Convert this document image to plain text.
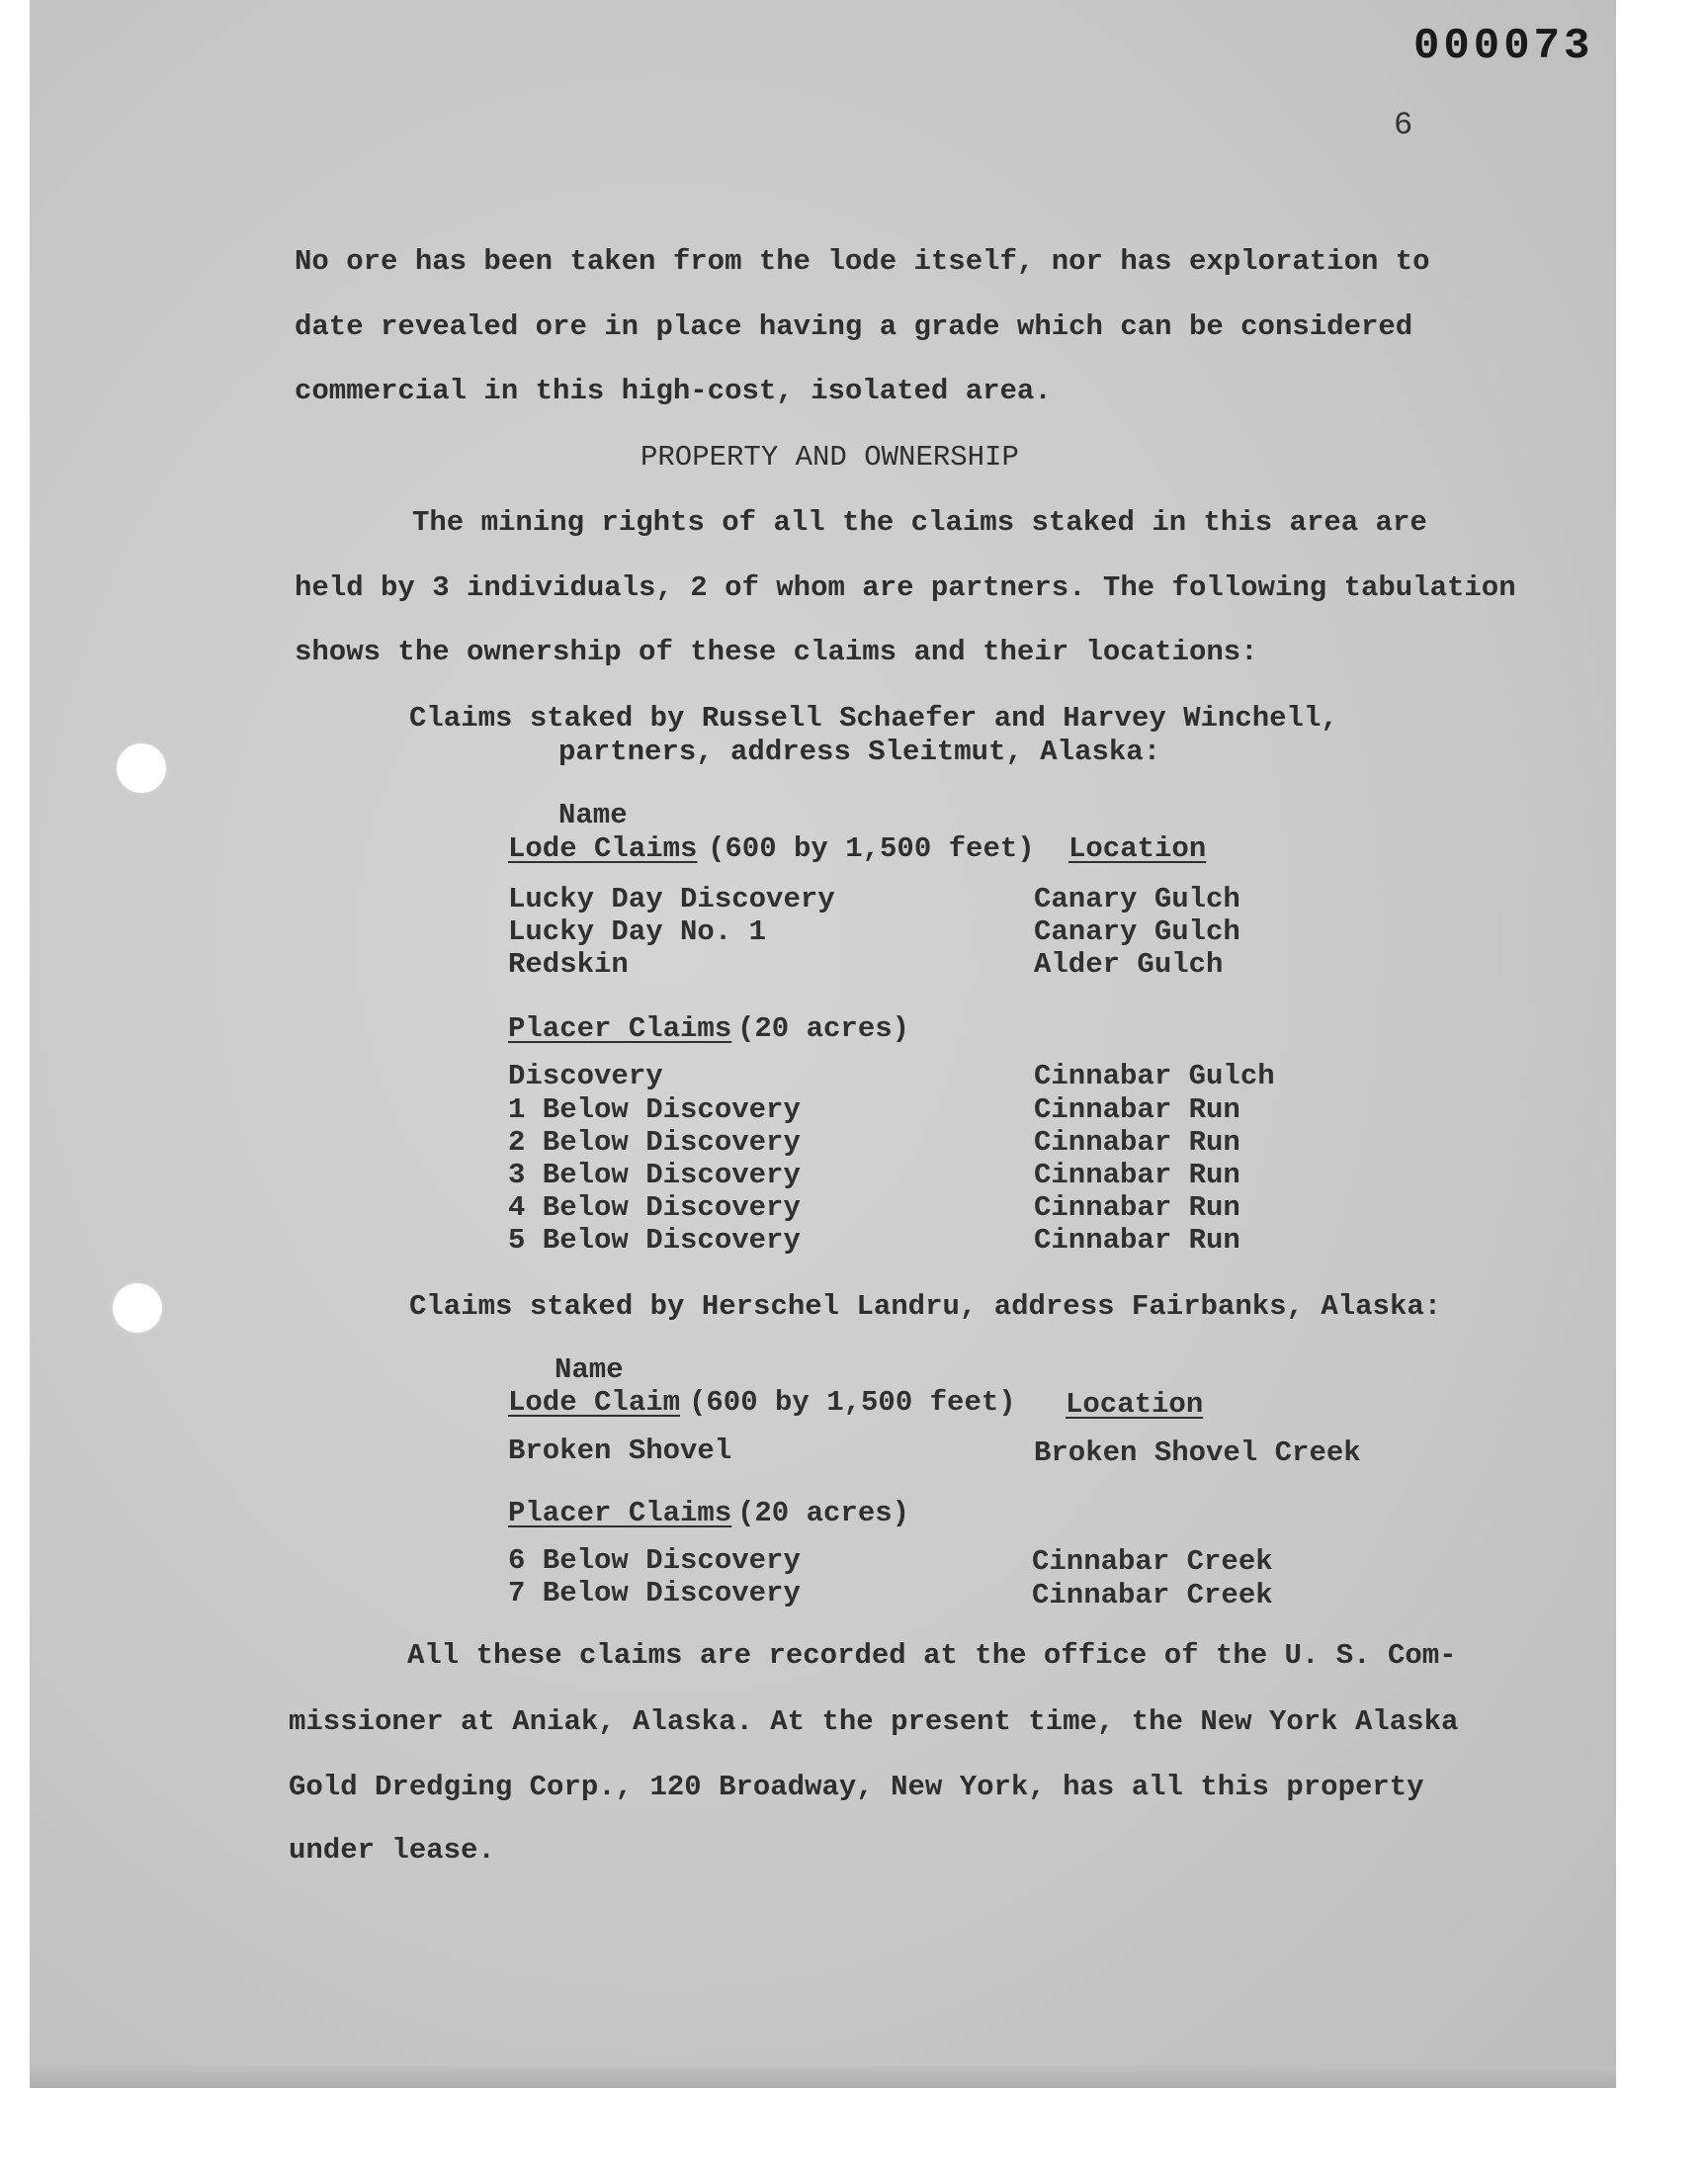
000073
6
No ore has been taken from the lode itself, nor has exploration to
date revealed ore in place having a grade which can be considered
commercial in this high-cost, isolated area.
PROPERTY AND OWNERSHIP
The mining rights of all the claims staked in this area are
held by 3 individuals, 2 of whom are partners. The following tabulation
shows the ownership of these claims and their locations:
Claims staked by Russell Schaefer and Harvey Winchell,
partners, address Sleitmut, Alaska:
Name
Lode Claims (600 by 1,500 feet) Location
Lucky Day Discovery	Canary Gulch
Lucky Day No. 1	Canary Gulch
Redskin	Alder Gulch
Placer Claims (20 acres)
Discovery	Cinnabar Gulch
1 Below Discovery	Cinnabar Run
2 Below Discovery	Cinnabar Run
3 Below Discovery	Cinnabar Run
4 Below Discovery	Cinnabar Run
5 Below Discovery	Cinnabar Run
Claims staked by Herschel Landru, address Fairbanks, Alaska:
Name
Lode Claim (600 by 1,500 feet) Location
Broken Shovel	Broken Shovel Creek
Placer Claims (20 acres)
6 Below Discovery	Cinnabar Creek
7 Below Discovery	Cinnabar Creek
All these claims are recorded at the office of the U. S. Com-
missioner at Aniak, Alaska. At the present time, the New York Alaska
Gold Dredging Corp., 120 Broadway, New York, has all this property
under lease.
